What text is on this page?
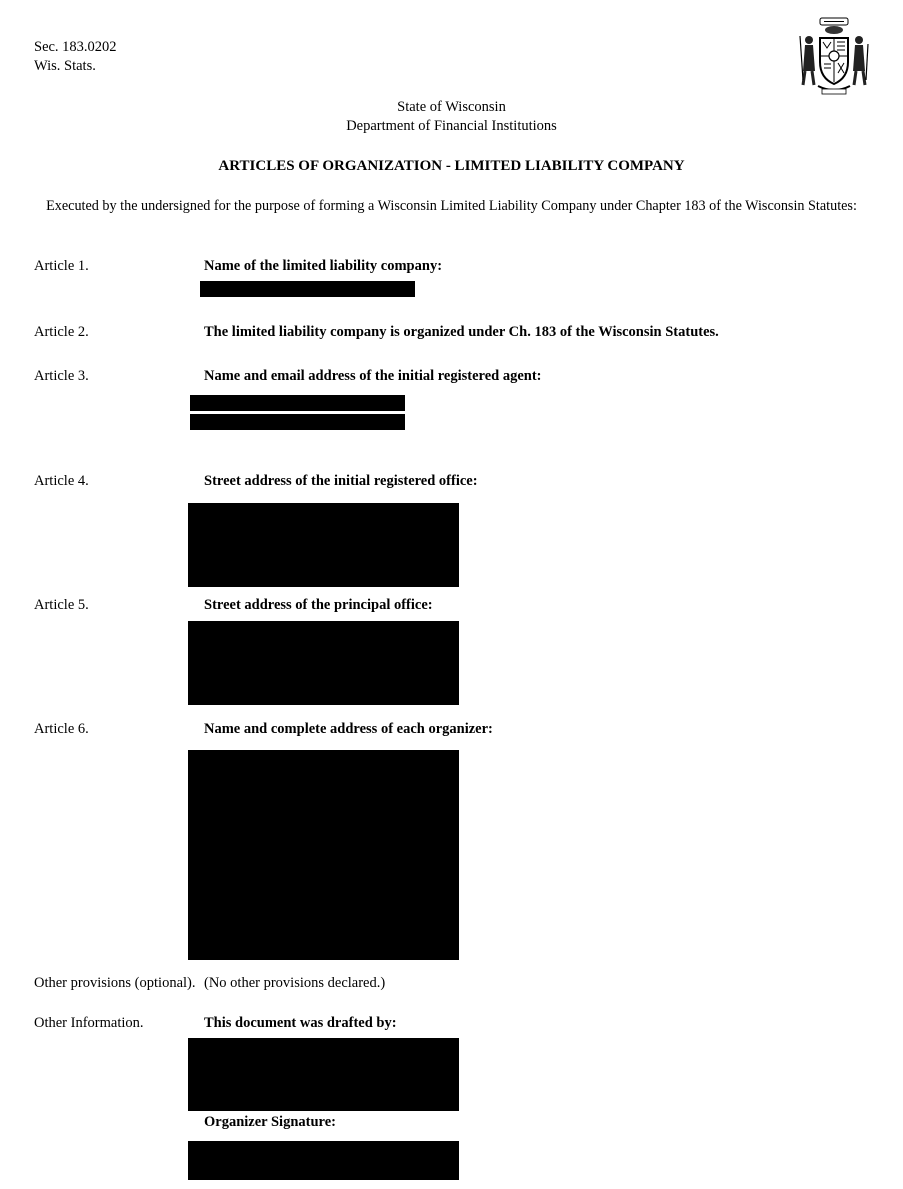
Sec. 183.0202
Wis. Stats.
State of Wisconsin
Department of Financial Institutions
ARTICLES OF ORGANIZATION - LIMITED LIABILITY COMPANY
Executed by the undersigned for the purpose of forming a Wisconsin Limited Liability Company under Chapter 183 of the Wisconsin Statutes:
Article 1.	Name of the limited liability company:
Article 2.	The limited liability company is organized under Ch. 183 of the Wisconsin Statutes.
Article 3.	Name and email address of the initial registered agent:
Article 4.	Street address of the initial registered office:
Article 5.	Street address of the principal office:
Article 6.	Name and complete address of each organizer:
Other provisions (optional). (No other provisions declared.)
Other Information.	This document was drafted by:
Organizer Signature:
